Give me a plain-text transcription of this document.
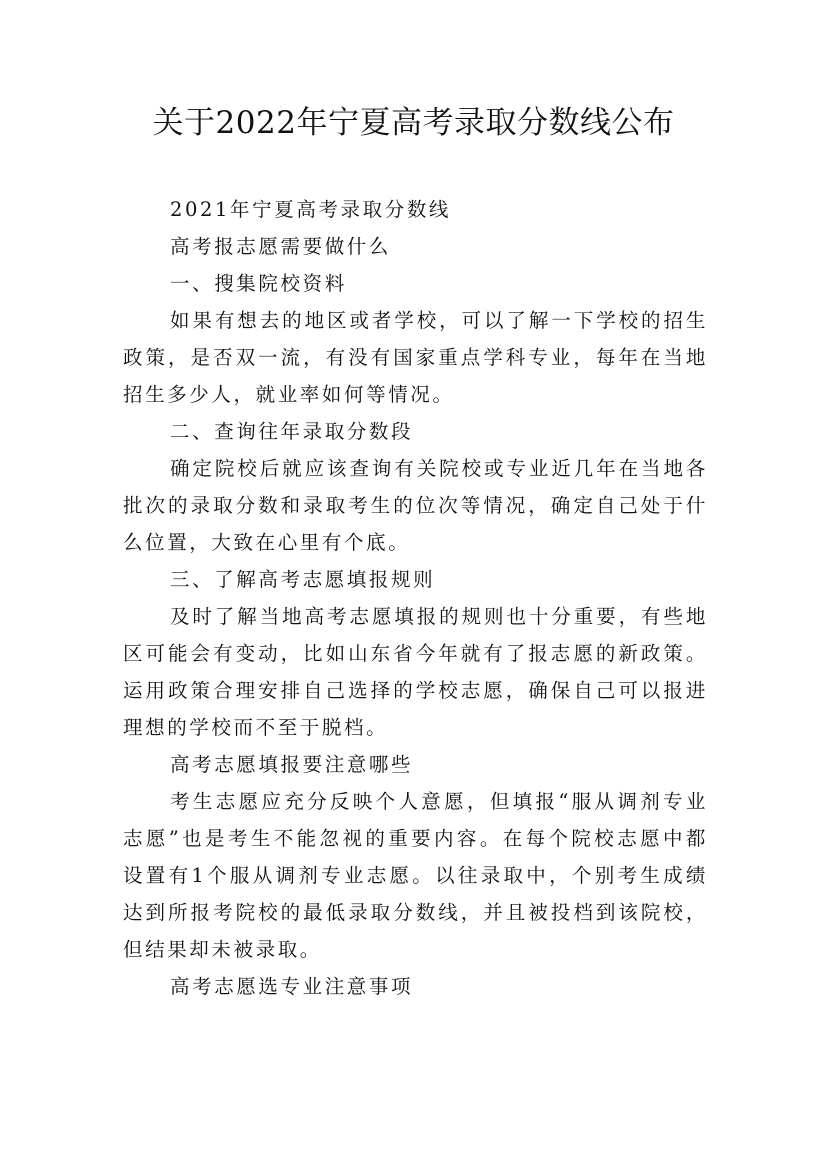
关于2022年宁夏高考录取分数线公布

2021年宁夏高考录取分数线

高考报志愿需要做什么

一、搜集院校资料

如果有想去的地区或者学校，可以了解一下学校的招生政策，是否双一流，有没有国家重点学科专业，每年在当地招生多少人，就业率如何等情况。

二、查询往年录取分数段

确定院校后就应该查询有关院校或专业近几年在当地各批次的录取分数和录取考生的位次等情况，确定自己处于什么位置，大致在心里有个底。

三、了解高考志愿填报规则

及时了解当地高考志愿填报的规则也十分重要，有些地区可能会有变动，比如山东省今年就有了报志愿的新政策。运用政策合理安排自己选择的学校志愿，确保自己可以报进理想的学校而不至于脱档。

高考志愿填报要注意哪些

考生志愿应充分反映个人意愿，但填报“服从调剂专业志愿”也是考生不能忽视的重要内容。在每个院校志愿中都设置有1个服从调剂专业志愿。以往录取中，个别考生成绩达到所报考院校的最低录取分数线，并且被投档到该院校，但结果却未被录取。

高考志愿选专业注意事项
